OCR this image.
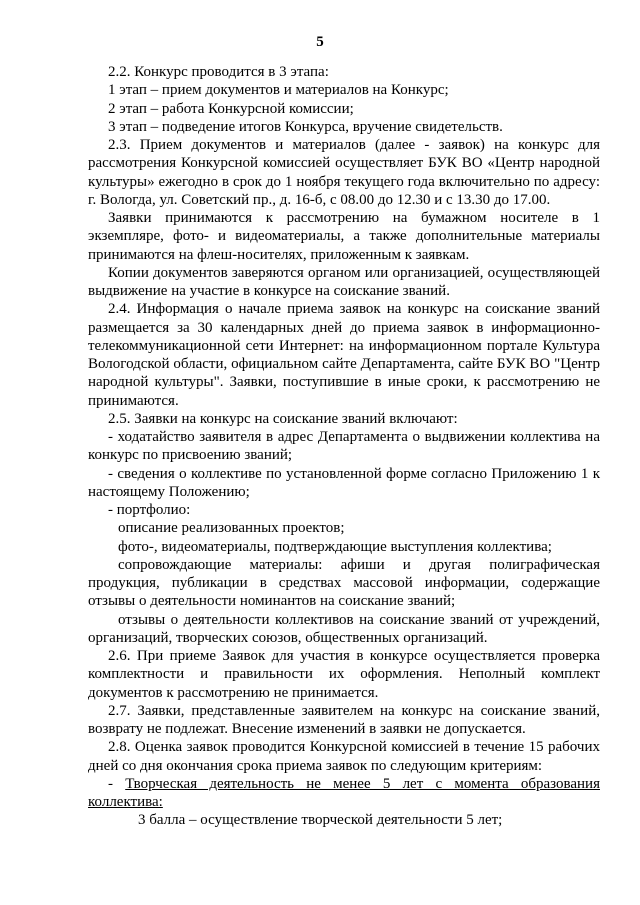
5

2.2. Конкурс проводится в 3 этапа:

1 этап – прием документов и материалов на Конкурс;

2 этап – работа Конкурсной комиссии;

3 этап – подведение итогов Конкурса, вручение свидетельств.

2.3. Прием документов и материалов (далее - заявок) на конкурс для рассмотрения Конкурсной комиссией осуществляет БУК ВО «Центр народной культуры» ежегодно в срок до 1 ноября текущего года включительно по адресу: г. Вологда, ул. Советский пр., д. 16-б, с 08.00 до 12.30 и с 13.30 до 17.00.

Заявки принимаются к рассмотрению на бумажном носителе в 1 экземпляре, фото- и видеоматериалы, а также дополнительные материалы принимаются на флеш-носителях, приложенным к заявкам.

Копии документов заверяются органом или организацией, осуществляющей выдвижение на участие в конкурсе на соискание званий.

2.4. Информация о начале приема заявок на конкурс на соискание званий размещается за 30 календарных дней до приема заявок в информационно-телекоммуникационной сети Интернет: на информационном портале Культура Вологодской области, официальном сайте Департамента, сайте БУК ВО "Центр народной культуры". Заявки, поступившие в иные сроки, к рассмотрению не принимаются.

2.5. Заявки на конкурс на соискание званий включают:

- ходатайство заявителя в адрес Департамента о выдвижении коллектива на конкурс по присвоению званий;

- сведения о коллективе по установленной форме согласно Приложению 1 к настоящему Положению;

- портфолио:

описание реализованных проектов;

фото-, видеоматериалы, подтверждающие выступления коллектива;

сопровождающие материалы: афиши и другая полиграфическая продукция, публикации в средствах массовой информации, содержащие отзывы о деятельности номинантов на соискание званий;

отзывы о деятельности коллективов на соискание званий от учреждений, организаций, творческих союзов, общественных организаций.

2.6. При приеме Заявок для участия в конкурсе осуществляется проверка комплектности и правильности их оформления. Неполный комплект документов к рассмотрению не принимается.

2.7. Заявки, представленные заявителем на конкурс на соискание званий, возврату не подлежат. Внесение изменений в заявки не допускается.

2.8. Оценка заявок проводится Конкурсной комиссией в течение 15 рабочих дней со дня окончания срока приема заявок по следующим критериям:

- Творческая деятельность не менее 5 лет с момента образования коллектива:

3 балла – осуществление творческой деятельности 5 лет;
